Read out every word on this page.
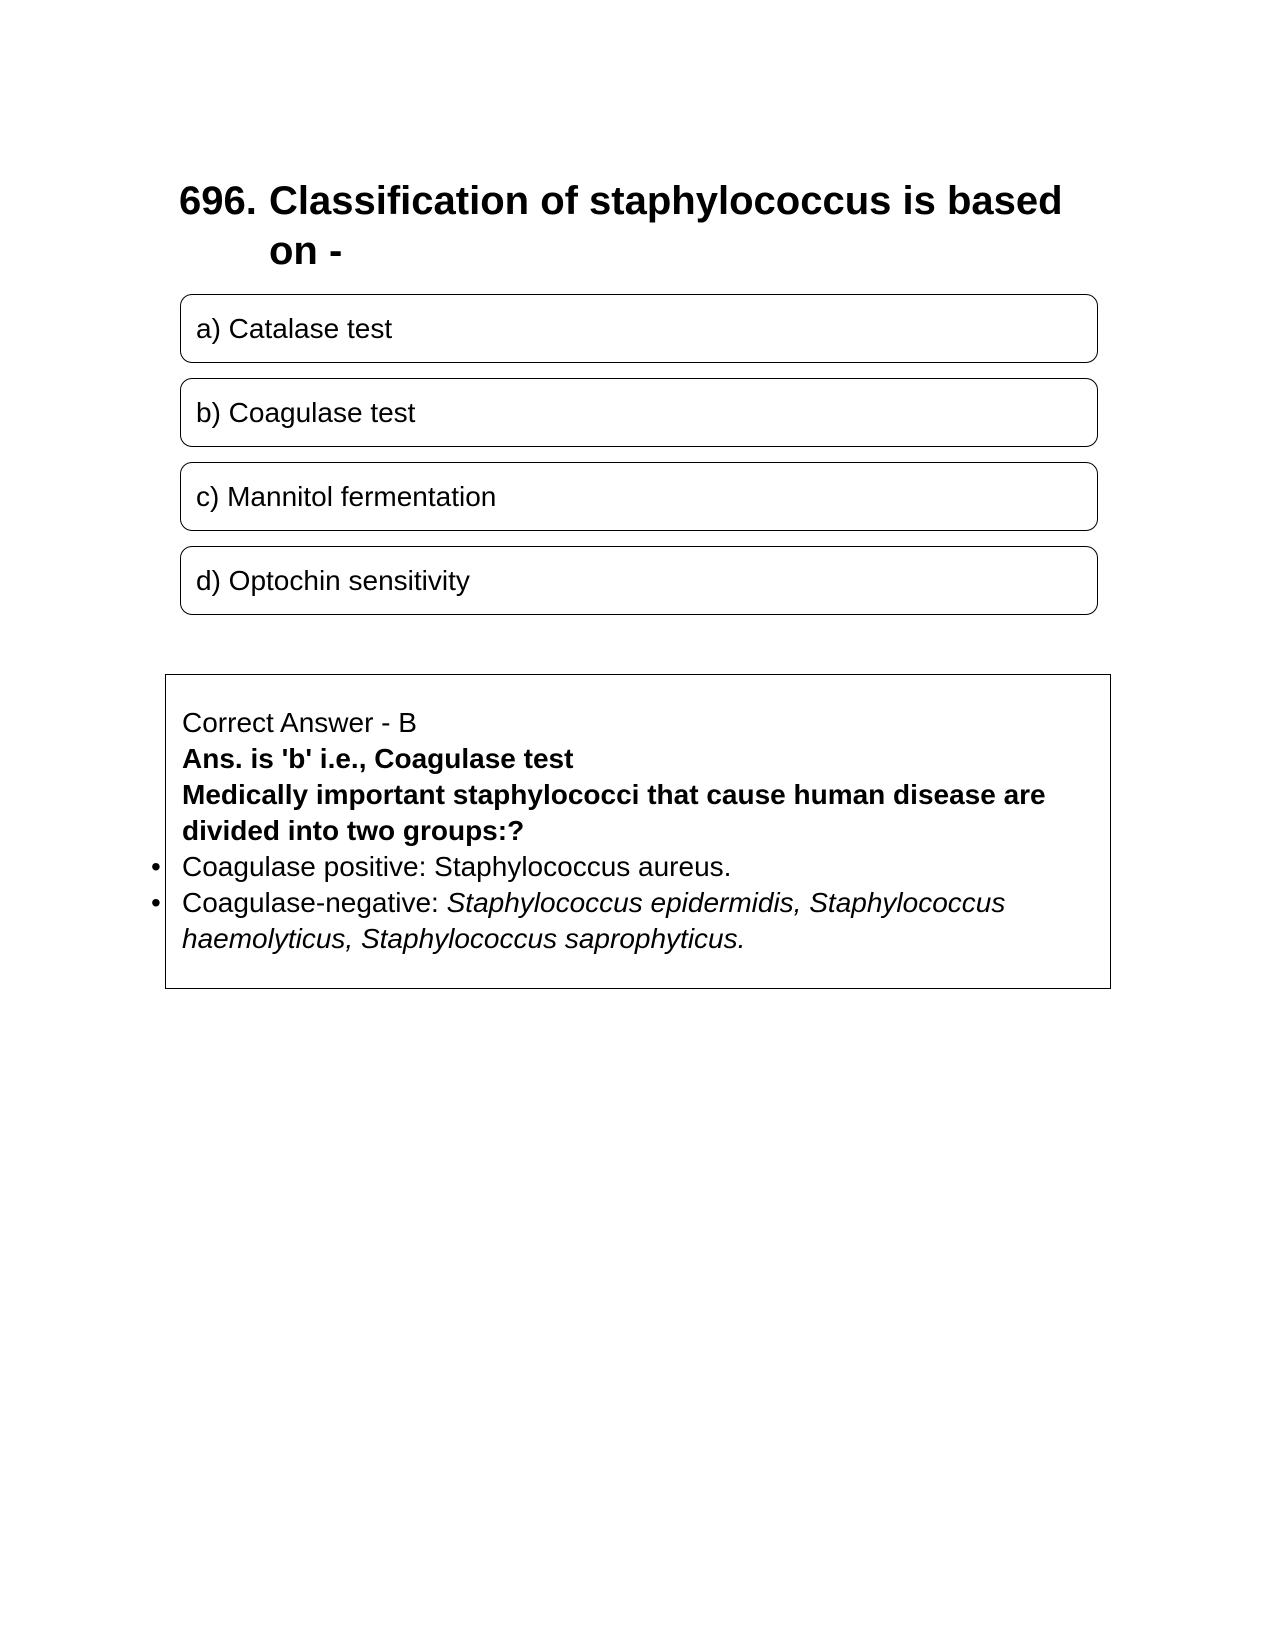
696. Classification of staphylococcus is based on -
a) Catalase test
b) Coagulase test
c) Mannitol fermentation
d) Optochin sensitivity
Correct Answer - B
Ans. is 'b' i.e., Coagulase test
Medically important staphylococci that cause human disease are divided into two groups:?
• Coagulase positive: Staphylococcus aureus.
• Coagulase-negative: Staphylococcus epidermidis, Staphylococcus haemolyticus, Staphylococcus saprophyticus.
